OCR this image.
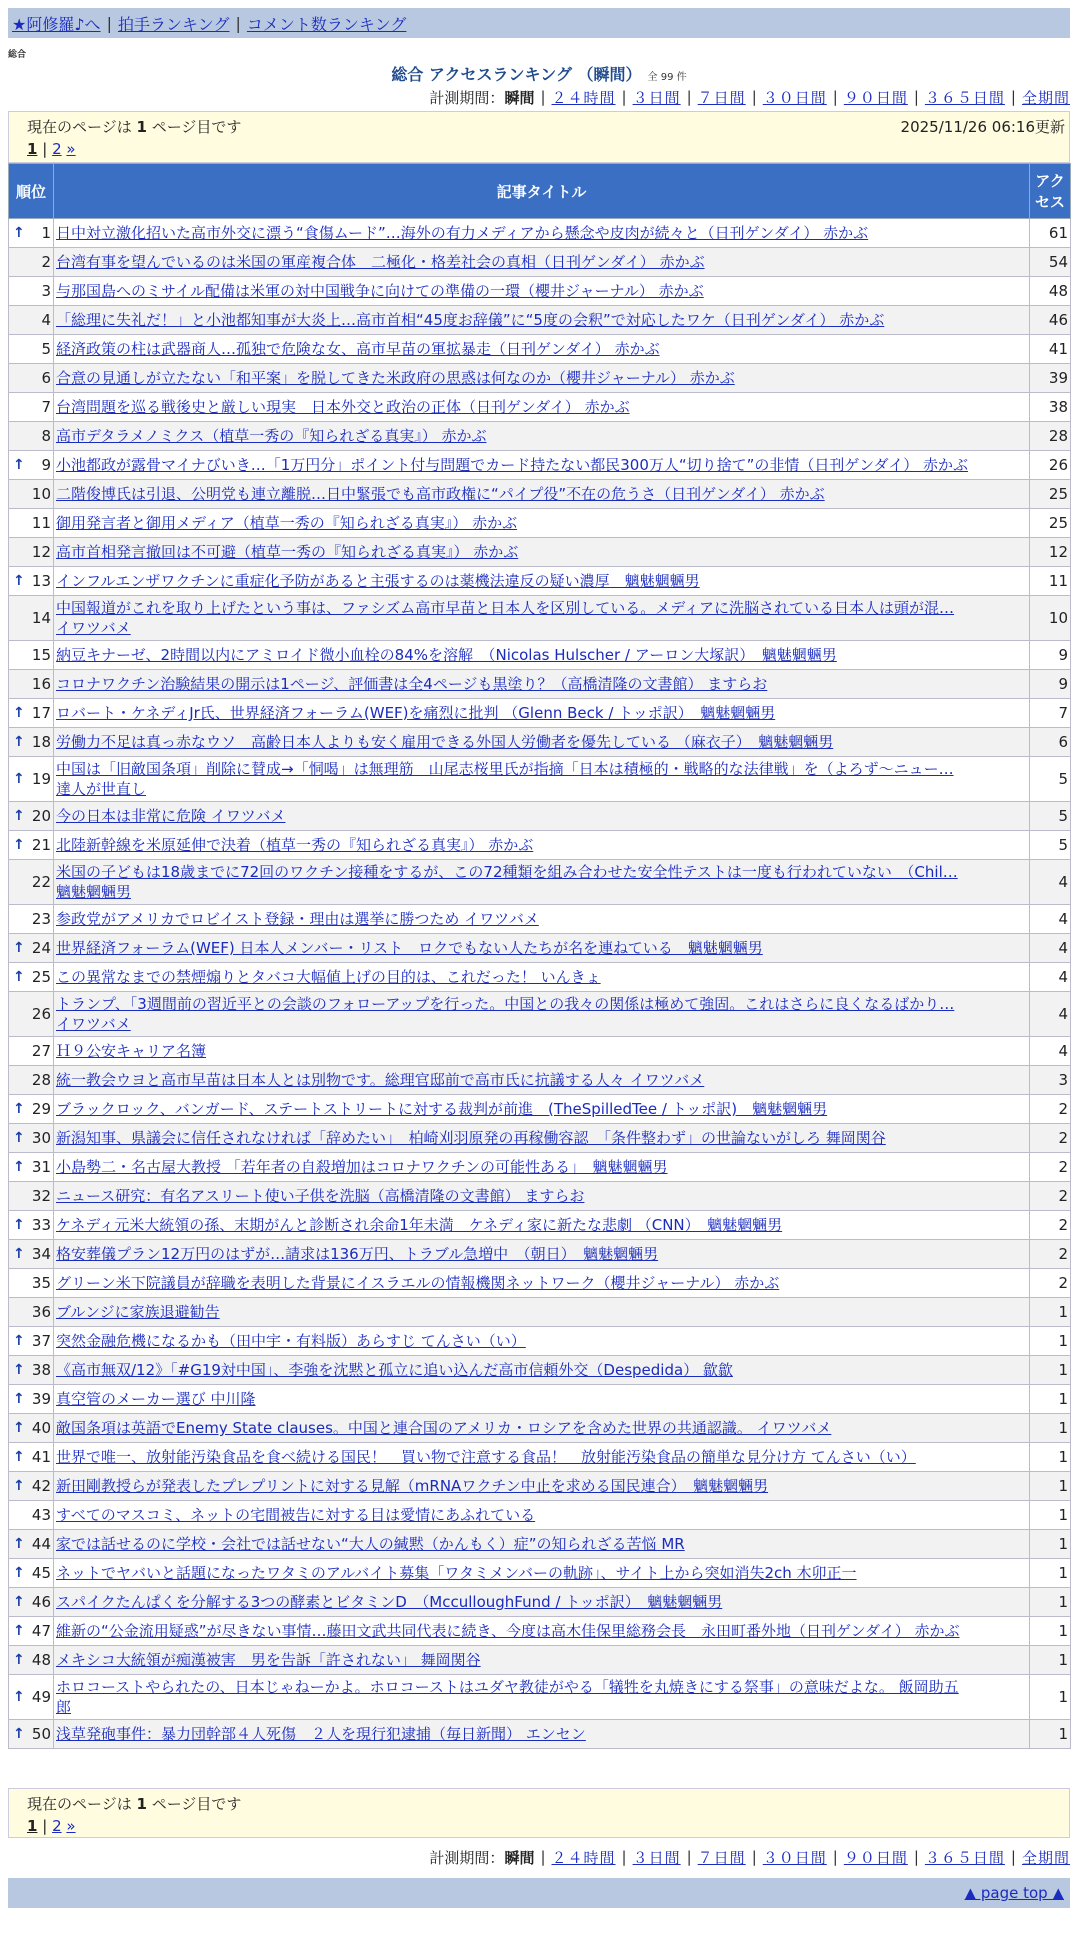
★阿修羅♪へ | 拍手ランキング | コメント数ランキング
総合
総合 アクセスランキング （瞬間） 全 99 件
計測期間： 瞬間 | ２４時間 | ３日間 | ７日間 | ３０日間 | ９０日間 | ３６５日間 | 全期間
現在のページは 1 ページ目です	2025/11/26 06:16更新
1 | 2 »
順位	記事タイトル	アクセス

↑ 1	日中対立激化招いた高市外交に漂う“食傷ムード”…海外の有力メディアから懸念や皮肉が続々と（日刊ゲンダイ） 赤かぶ	61
2	台湾有事を望んでいるのは米国の軍産複合体　二極化・格差社会の真相（日刊ゲンダイ） 赤かぶ	54
3	与那国島へのミサイル配備は米軍の対中国戦争に向けての準備の一環（櫻井ジャーナル） 赤かぶ	48
4	「総理に失礼だ！」と小池都知事が大炎上…高市首相“45度お辞儀”に“5度の会釈”で対応したワケ（日刊ゲンダイ） 赤かぶ	46
5	経済政策の柱は武器商人…孤独で危険な女、高市早苗の軍拡暴走（日刊ゲンダイ） 赤かぶ	41
6	合意の見通しが立たない「和平案」を脱してきた米政府の思惑は何なのか（櫻井ジャーナル） 赤かぶ	39
7	台湾問題を巡る戦後史と厳しい現実　日本外交と政治の正体（日刊ゲンダイ） 赤かぶ	38
8	高市デタラメノミクス（植草一秀の『知られざる真実』） 赤かぶ	28

↑ 9	小池都政が露骨マイナびいき…「1万円分」ポイント付与問題でカード持たない都民300万人“切り捨て”の非情（日刊ゲンダイ） 赤かぶ	26
10	二階俊博氏は引退、公明党も連立離脱…日中緊張でも高市政権に“パイプ役”不在の危うさ（日刊ゲンダイ） 赤かぶ	25
11	御用発言者と御用メディア（植草一秀の『知られざる真実』） 赤かぶ	25
12	高市首相発言撤回は不可避（植草一秀の『知られざる真実』） 赤かぶ	12

↑ 13	インフルエンザワクチンに重症化予防があると主張するのは薬機法違反の疑い濃厚　魑魅魍魎男	11
14	中国報道がこれを取り上げたという事は、ファシズム高市早苗と日本人を区別している。メディアに洗脳されている日本人は頭が混…
イワツバメ	10
15	納豆キナーゼ、2時間以内にアミロイド微小血栓の84%を溶解　（Nicolas Hulscher / アーロン大塚訳）　魑魅魍魎男	9
16	コロナワクチン治験結果の開示は1ページ、評価書は全4ページも黒塗り？（高橋清隆の文書館） ますらお	9

↑ 17	ロバート・ケネディJr氏、世界経済フォーラム(WEF)を痛烈に批判 （Glenn Beck / トッポ訳）　魑魅魍魎男	7

↑ 18	労働力不足は真っ赤なウソ　高齢日本人よりも安く雇用できる外国人労働者を優先している （麻衣子）　魑魅魍魎男	6

↑ 19	中国は「旧敵国条項」削除に賛成→「恫喝」は無理筋　山尾志桜里氏が指摘「日本は積極的・戦略的な法律戦」を（よろず～ニュー…
達人が世直し	5

↑ 20	今の日本は非常に危険 イワツバメ	5

↑ 21	北陸新幹線を米原延伸で決着（植草一秀の『知られざる真実』） 赤かぶ	5
22	米国の子どもは18歳までに72回のワクチン接種をするが、この72種類を組み合わせた安全性テストは一度も行われていない　（Chil…
魑魅魍魎男	4
23	参政党がアメリカでロビイスト登録・理由は選挙に勝つため イワツバメ	4

↑ 24	世界経済フォーラム(WEF) 日本人メンバー・リスト　ロクでもない人たちが名を連ねている　魑魅魍魎男	4

↑ 25	この異常なまでの禁煙煽りとタバコ大幅値上げの目的は、これだった！ いんきょ	4
26	トランプ、「3週間前の習近平との会談のフォローアップを行った。中国との我々の関係は極めて強固。これはさらに良くなるばかり…
イワツバメ	4
27	Ｈ９公安キャリア名簿	4
28	統一教会ウヨと高市早苗は日本人とは別物です。総理官邸前で高市氏に抗議する人々 イワツバメ	3

↑ 29	ブラックロック、バンガード、ステートストリートに対する裁判が前進　(TheSpilledTee / トッポ訳)　魑魅魍魎男	2

↑ 30	新潟知事、県議会に信任されなければ「辞めたい」　柏崎刈羽原発の再稼働容認　「条件整わず」の世論ないがしろ 舞岡関谷	2

↑ 31	小島勢二・名古屋大教授 「若年者の自殺増加はコロナワクチンの可能性ある」　魑魅魍魎男	2
32	ニュース研究：有名アスリート使い子供を洗脳（高橋清隆の文書館） ますらお	2

↑ 33	ケネディ元米大統領の孫、末期がんと診断され余命1年未満　ケネディ家に新たな悲劇 （CNN）　魑魅魍魎男	2

↑ 34	格安葬儀プラン12万円のはずが…請求は136万円、トラブル急増中　（朝日）　魑魅魍魎男	2
35	グリーン米下院議員が辞職を表明した背景にイスラエルの情報機関ネットワーク（櫻井ジャーナル） 赤かぶ	2
36	ブルンジに家族退避勧告	1

↑ 37	突然金融危機になるかも（田中宇・有料版）あらすじ てんさい（い）	1

↑ 38	《高市無双/12》「#G19対中国」、李強を沈黙と孤立に追い込んだ高市信頼外交（Despedida） 歙歙	1

↑ 39	真空管のメーカー選び 中川隆	1

↑ 40	敵国条項は英語でEnemy State clauses。中国と連合国のアメリカ・ロシアを含めた世界の共通認識。 イワツバメ	1

↑ 41	世界で唯一、放射能汚染食品を食べ続ける国民！　買い物で注意する食品！　放射能汚染食品の簡単な見分け方 てんさい（い）	1

↑ 42	新田剛教授らが発表したプレプリントに対する見解（mRNAワクチン中止を求める国民連合）　魑魅魍魎男	1
43	すべてのマスコミ、ネットの宅間被告に対する目は愛情にあふれている	1

↑ 44	家では話せるのに学校・会社では話せない“大人の緘黙（かんもく）症”の知られざる苦悩 MR	1

↑ 45	ネットでヤバいと話題になったワタミのアルバイト募集「ワタミメンバーの軌跡」、サイト上から突如消失2ch 木卯正一	1

↑ 46	スパイクたんぱくを分解する3つの酵素とビタミンD　（McculloughFund / トッポ訳）　魑魅魍魎男	1

↑ 47	維新の“公金流用疑惑”が尽きない事情…藤田文武共同代表に続き、今度は高木佳保里総務会長　永田町番外地（日刊ゲンダイ） 赤かぶ	1

↑ 48	メキシコ大統領が痴漢被害　男を告訴「許されない」 舞岡関谷	1

↑ 49	ホロコーストやられたの、日本じゃねーかよ。ホロコーストはユダヤ教徒がやる「犠牲を丸焼きにする祭事」の意味だよな。 飯岡助五
郎	1

↑ 50	浅草発砲事件：暴力団幹部４人死傷　２人を現行犯逮捕（毎日新聞） エンセン	1
現在のページは 1 ページ目です
1 | 2 »
計測期間： 瞬間 | ２４時間 | ３日間 | ７日間 | ３０日間 | ９０日間 | ３６５日間 | 全期間
▲ page top ▲
